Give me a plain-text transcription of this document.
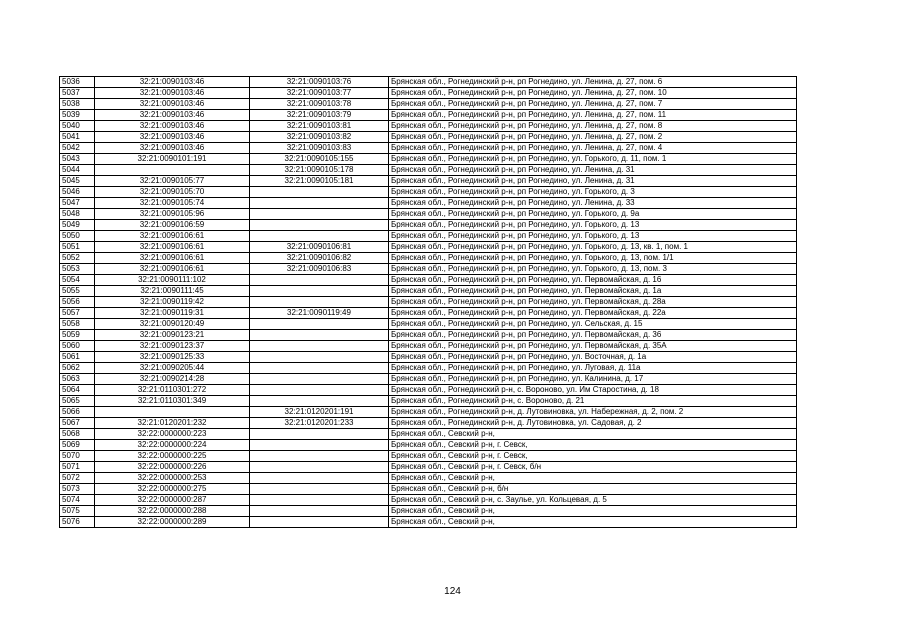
5036	32:21:0090103:46	32:21:0090103:76	Брянская обл., Рогнединский р-н, рп Рогнедино, ул. Ленина, д. 27, пом. 6
5037	32:21:0090103:46	32:21:0090103:77	Брянская обл., Рогнединский р-н, рп Рогнедино, ул. Ленина, д. 27, пом. 10
5038	32:21:0090103:46	32:21:0090103:78	Брянская обл., Рогнединский р-н, рп Рогнедино, ул. Ленина, д. 27, пом. 7
5039	32:21:0090103:46	32:21:0090103:79	Брянская обл., Рогнединский р-н, рп Рогнедино, ул. Ленина, д. 27, пом. 11
5040	32:21:0090103:46	32:21:0090103:81	Брянская обл., Рогнединский р-н, рп Рогнедино, ул. Ленина, д. 27, пом. 8
5041	32:21:0090103:46	32:21:0090103:82	Брянская обл., Рогнединский р-н, рп Рогнедино, ул. Ленина, д. 27, пом. 2
5042	32:21:0090103:46	32:21:0090103:83	Брянская обл., Рогнединский р-н, рп Рогнедино, ул. Ленина, д. 27, пом. 4
5043	32:21:0090101:191	32:21:0090105:155	Брянская обл., Рогнединский р-н, рп Рогнедино, ул. Горького, д. 11, пом. 1
5044		32:21:0090105:178	Брянская обл., Рогнединский р-н, рп Рогнедино, ул. Ленина, д. 31
5045	32:21:0090105:77	32:21:0090105:181	Брянская обл., Рогнединский р-н, рп Рогнедино, ул. Ленина, д. 31
5046	32:21:0090105:70		Брянская обл., Рогнединский р-н, рп Рогнедино, ул. Горького, д. 3
5047	32:21:0090105:74		Брянская обл., Рогнединский р-н, рп Рогнедино, ул. Ленина, д. 33
5048	32:21:0090105:96		Брянская обл., Рогнединский р-н, рп Рогнедино, ул. Горького, д. 9а
5049	32:21:0090106:59		Брянская обл., Рогнединский р-н, рп Рогнедино, ул. Горького, д. 13
5050	32:21:0090106:61		Брянская обл., Рогнединский р-н, рп Рогнедино, ул. Горького, д. 13
5051	32:21:0090106:61	32:21:0090106:81	Брянская обл., Рогнединский р-н, рп Рогнедино, ул. Горького, д. 13, кв. 1, пом. 1
5052	32:21:0090106:61	32:21:0090106:82	Брянская обл., Рогнединский р-н, рп Рогнедино, ул. Горького, д. 13, пом. 1/1
5053	32:21:0090106:61	32:21:0090106:83	Брянская обл., Рогнединский р-н, рп Рогнедино, ул. Горького, д. 13, пом. 3
5054	32:21:0090111:102		Брянская обл., Рогнединский р-н, рп Рогнедино, ул. Первомайская, д. 16
5055	32:21:0090111:45		Брянская обл., Рогнединский р-н, рп Рогнедино, ул. Первомайская, д. 1а
5056	32:21:0090119:42		Брянская обл., Рогнединский р-н, рп Рогнедино, ул. Первомайская, д. 28а
5057	32:21:0090119:31	32:21:0090119:49	Брянская обл., Рогнединский р-н, рп Рогнедино, ул. Первомайская, д. 22а
5058	32:21:0090120:49		Брянская обл., Рогнединский р-н, рп Рогнедино, ул. Сельская, д. 15
5059	32:21:0090123:21		Брянская обл., Рогнединский р-н, рп Рогнедино, ул. Первомайская, д. 36
5060	32:21:0090123:37		Брянская обл., Рогнединский р-н, рп Рогнедино, ул. Первомайская, д. 35А
5061	32:21:0090125:33		Брянская обл., Рогнединский р-н, рп Рогнедино, ул. Восточная, д. 1а
5062	32:21:0090205:44		Брянская обл., Рогнединский р-н, рп Рогнедино, ул. Луговая, д. 11а
5063	32:21:0090214:28		Брянская обл., Рогнединский р-н, рп Рогнедино, ул. Калинина, д. 17
5064	32:21:0110301:272		Брянская обл., Рогнединский р-н, с. Вороново, ул. Им Старостина, д. 18
5065	32:21:0110301:349		Брянская обл., Рогнединский р-н, с. Вороново, д. 21
5066		32:21:0120201:191	Брянская обл., Рогнединский р-н, д. Лутовиновка, ул. Набережная, д. 2, пом. 2
5067	32:21:0120201:232	32:21:0120201:233	Брянская обл., Рогнединский р-н, д. Лутовиновка, ул. Садовая, д. 2
5068	32:22:0000000:223		Брянская обл., Севский р-н,
5069	32:22:0000000:224		Брянская обл., Севский р-н, г. Севск,
5070	32:22:0000000:225		Брянская обл., Севский р-н, г. Севск,
5071	32:22:0000000:226		Брянская обл., Севский р-н, г. Севск, б/н
5072	32:22:0000000:253		Брянская обл., Севский р-н,
5073	32:22:0000000:275		Брянская обл., Севский р-н, б/н
5074	32:22:0000000:287		Брянская обл., Севский р-н, с. Заулье, ул. Кольцевая, д. 5
5075	32:22:0000000:288		Брянская обл., Севский р-н,
5076	32:22:0000000:289		Брянская обл., Севский р-н,
124
